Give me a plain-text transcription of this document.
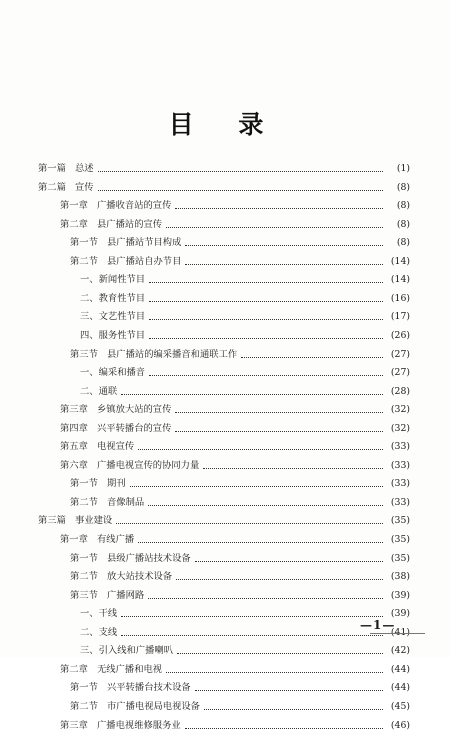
目 录
第一篇 总述	(1)
第二篇 宣传	(8)
第一章 广播收音站的宣传	(8)
第二章 县广播站的宣传	(8)
第一节 县广播站节目构成	(8)
第二节 县广播站自办节目	(14)
一、新闻性节目	(14)
二、教育性节目	(16)
三、文艺性节目	(17)
四、服务性节目	(26)
第三节 县广播站的编采播音和通联工作	(27)
一、编采和播音	(27)
二、通联	(28)
第三章 乡镇放大站的宣传	(32)
第四章 兴平转播台的宣传	(32)
第五章 电视宣传	(33)
第六章 广播电视宣传的协同力量	(33)
第一节 期刊	(33)
第二节 音像制品	(33)
第三篇 事业建设	(35)
第一章 有线广播	(35)
第一节 县级广播站技术设备	(35)
第二节 放大站技术设备	(38)
第三节 广播网路	(39)
一、干线	(39)
二、支线	(41)
三、引入线和广播喇叭	(42)
第二章 无线广播和电视	(44)
第一节 兴平转播台技术设备	(44)
第二节 市广播电视局电视设备	(45)
第三章 广播电视维修服务业	(46)
—1—
